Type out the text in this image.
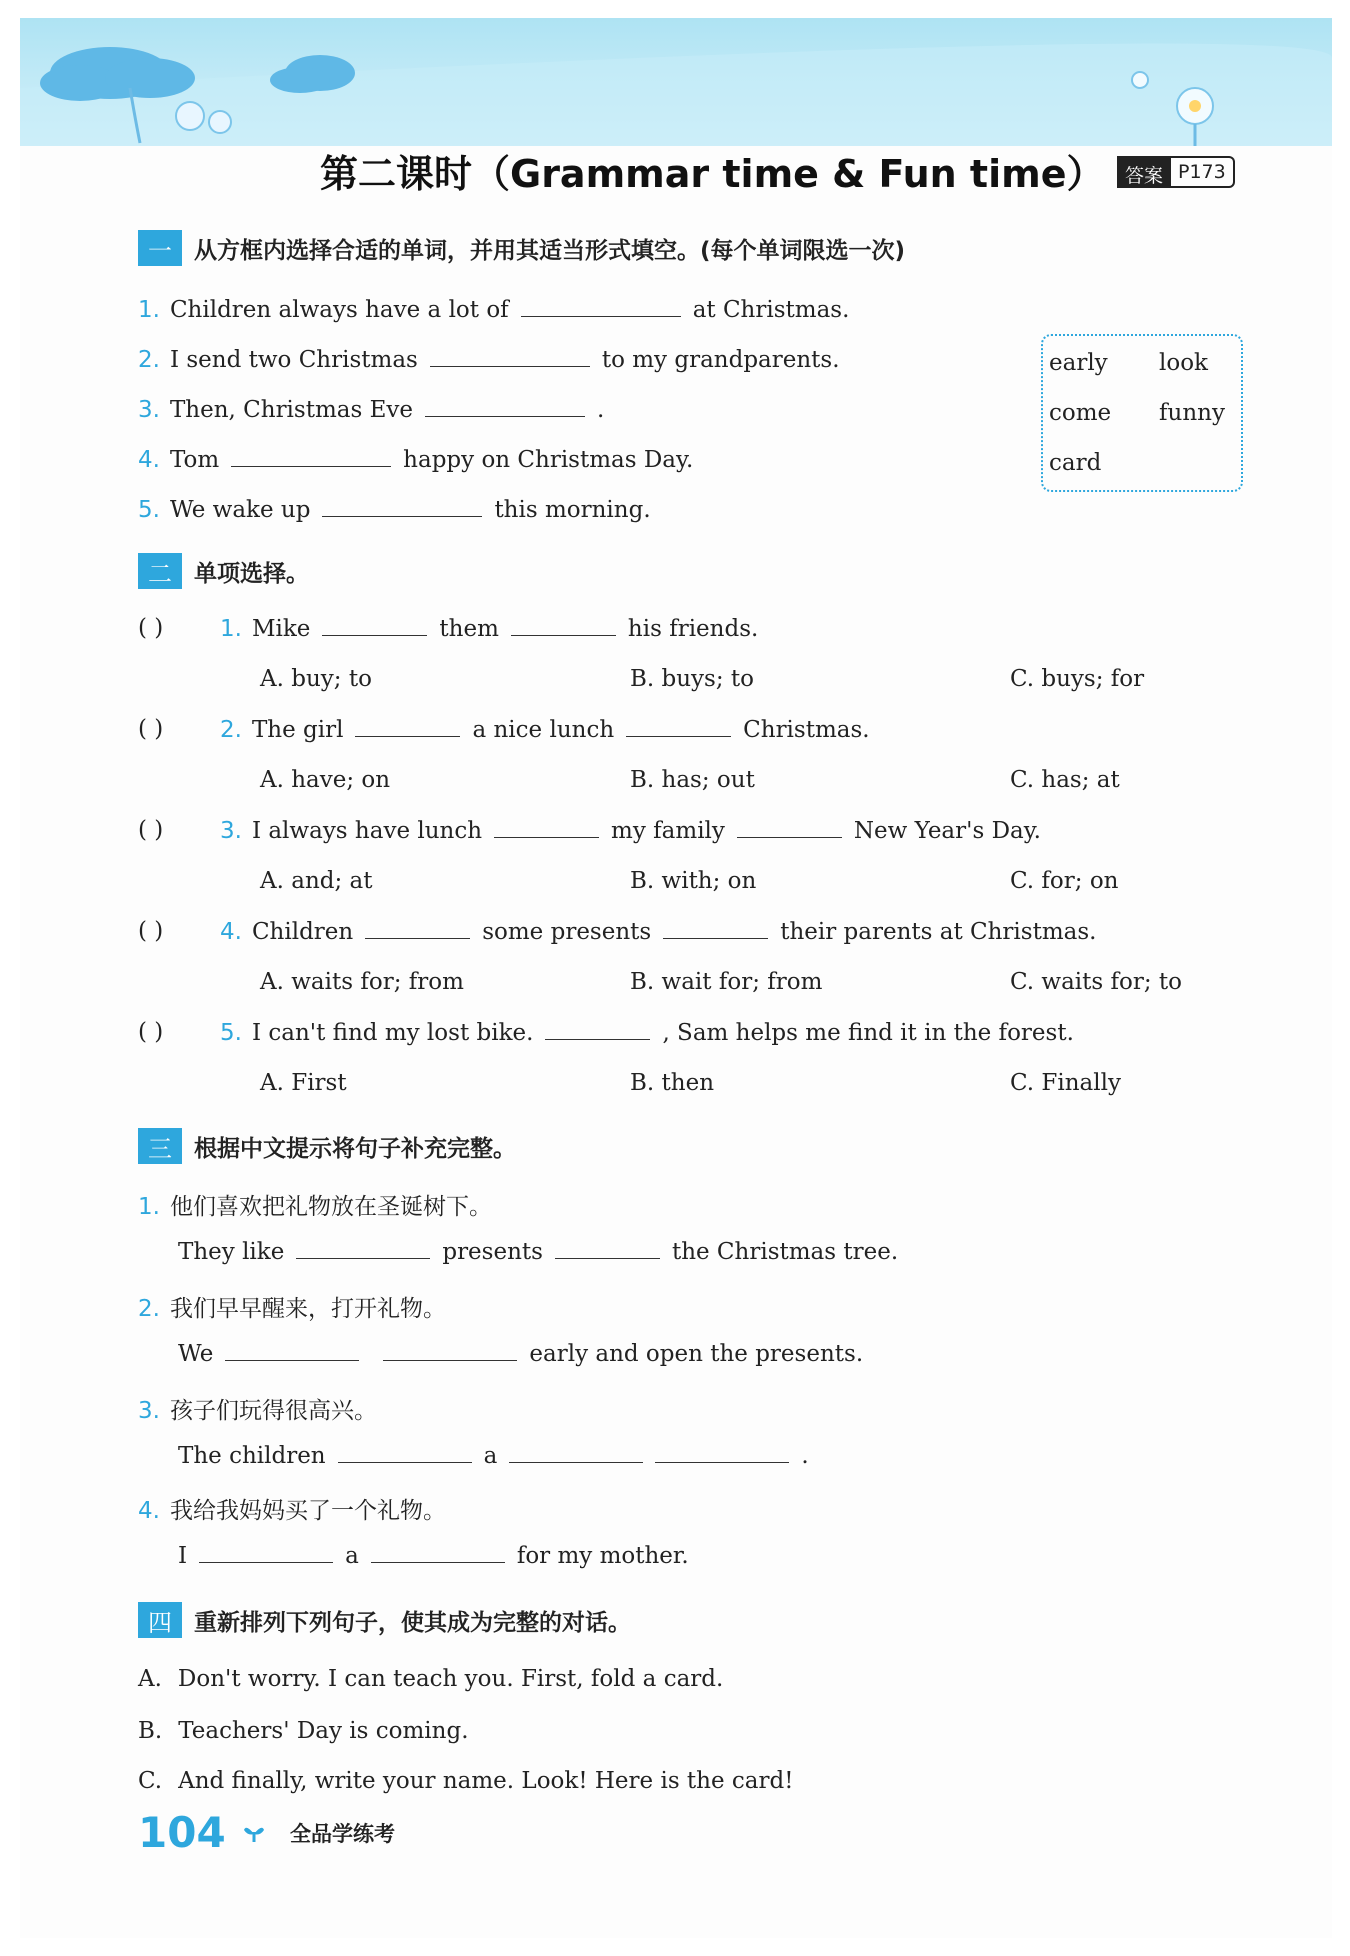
第二课时（Grammar time & Fun time）	答案 P173
一 从方框内选择合适的单词，并用其适当形式填空。(每个单词限选一次)
1. Children always have a lot of	at Christmas.
2. I send two Christmas	to my grandparents.
3. Then, Christmas Eve	.
4. Tom	happy on Christmas Day.
5. We wake up	this morning.
early look
come funny
card
二 单项选择。
( ) 1. Mike	them	his friends.
A. buy; to	B. buys; to	C. buys; for
( ) 2. The girl	a nice lunch	Christmas.
A. have; on	B. has; out	C. has; at
( ) 3. I always have lunch	my family	New Year's Day.
A. and; at	B. with; on	C. for; on
( ) 4. Children	some presents	their parents at Christmas.
A. waits for; from	B. wait for; from	C. waits for; to
( ) 5. I can't find my lost bike.	, Sam helps me find it in the forest.
A. First	B. then	C. Finally
三 根据中文提示将句子补充完整。
1. 他们喜欢把礼物放在圣诞树下。
They like	presents	the Christmas tree.
2. 我们早早醒来，打开礼物。
We	early and open the presents.
3. 孩子们玩得很高兴。
The children	a	.
4. 我给我妈妈买了一个礼物。
I	a	for my mother.
四 重新排列下列句子，使其成为完整的对话。
A. Don't worry. I can teach you. First, fold a card.
B. Teachers' Day is coming.
C. And finally, write your name. Look! Here is the card!
104	全品学练考
